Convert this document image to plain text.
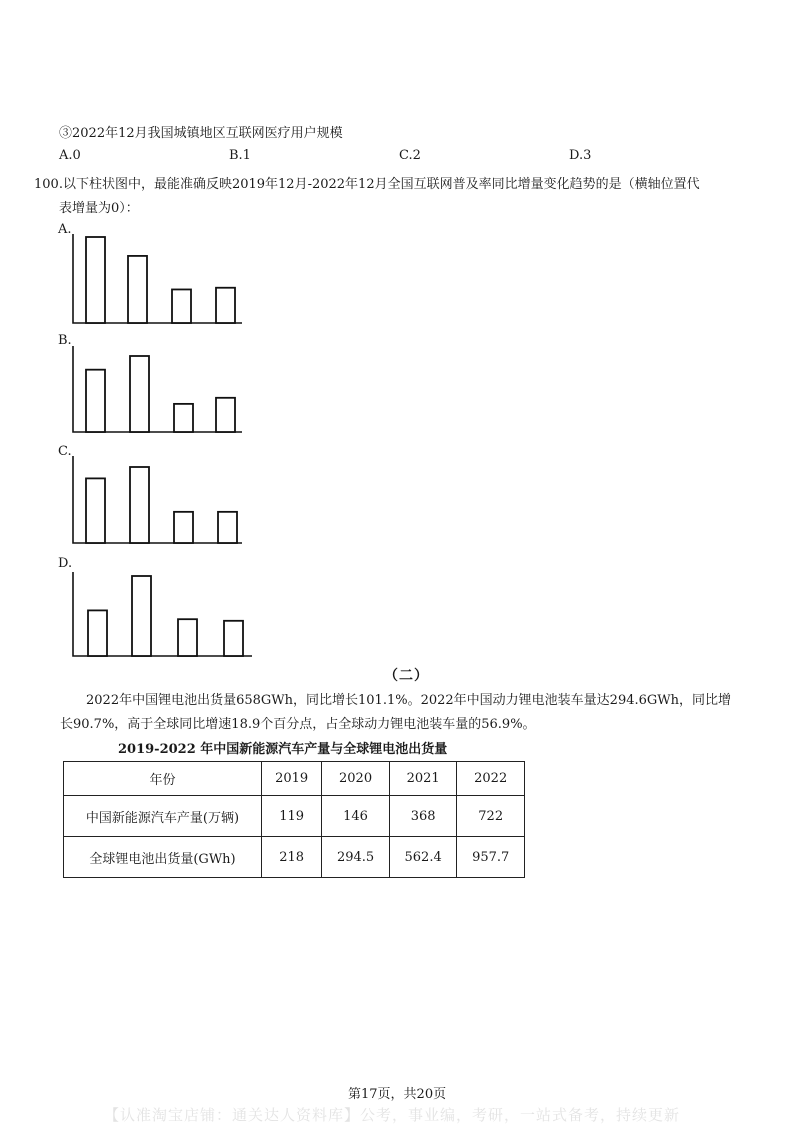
③2022年12月我国城镇地区互联网医疗用户规模
A.0	B.1	C.2	D.3
100.以下柱状图中，最能准确反映2019年12月-2022年12月全国互联网普及率同比增量变化趋势的是（横轴位置代
表增量为0）：
A.
B.
C.
D.
（二）
2022年中国锂电池出货量658GWh，同比增长101.1%。2022年中国动力锂电池装车量达294.6GWh，同比增
长90.7%，高于全球同比增速18.9个百分点，占全球动力锂电池装车量的56.9%。
2019-2022 年中国新能源汽车产量与全球锂电池出货量
年份	2019	2020	2021	2022
中国新能源汽车产量(万辆)	119	146	368	722
全球锂电池出货量(GWh)	218	294.5	562.4	957.7
第17页，共20页
【认准淘宝店铺：通关达人资料库】公考，事业编，考研，一站式备考，持续更新
